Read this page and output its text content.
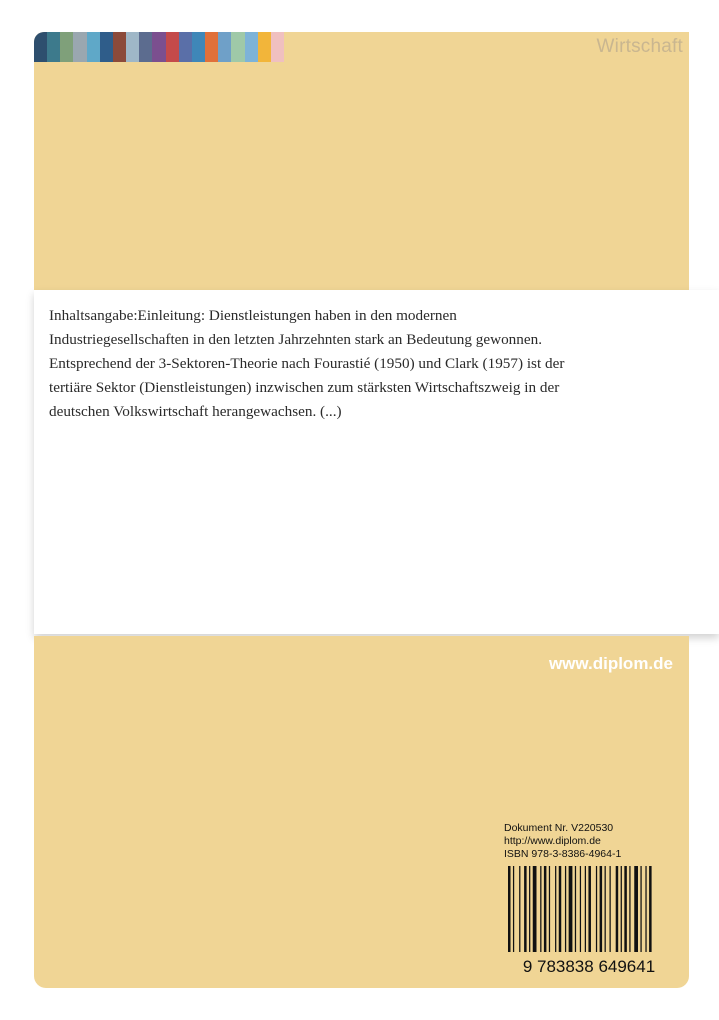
Wirtschaft
Inhaltsangabe:Einleitung: Dienstleistungen haben in den modernen Industriegesellschaften in den letzten Jahrzehnten stark an Bedeutung gewonnen. Entsprechend der 3-Sektoren-Theorie nach Fourastié (1950) und Clark (1957) ist der tertiäre Sektor (Dienstleistungen) inzwischen zum stärksten Wirtschaftszweig in der deutschen Volkswirtschaft herangewachsen. (...)
www.diplom.de
Dokument Nr. V220530
http://www.diplom.de
ISBN 978-3-8386-4964-1
9 783838 649641
